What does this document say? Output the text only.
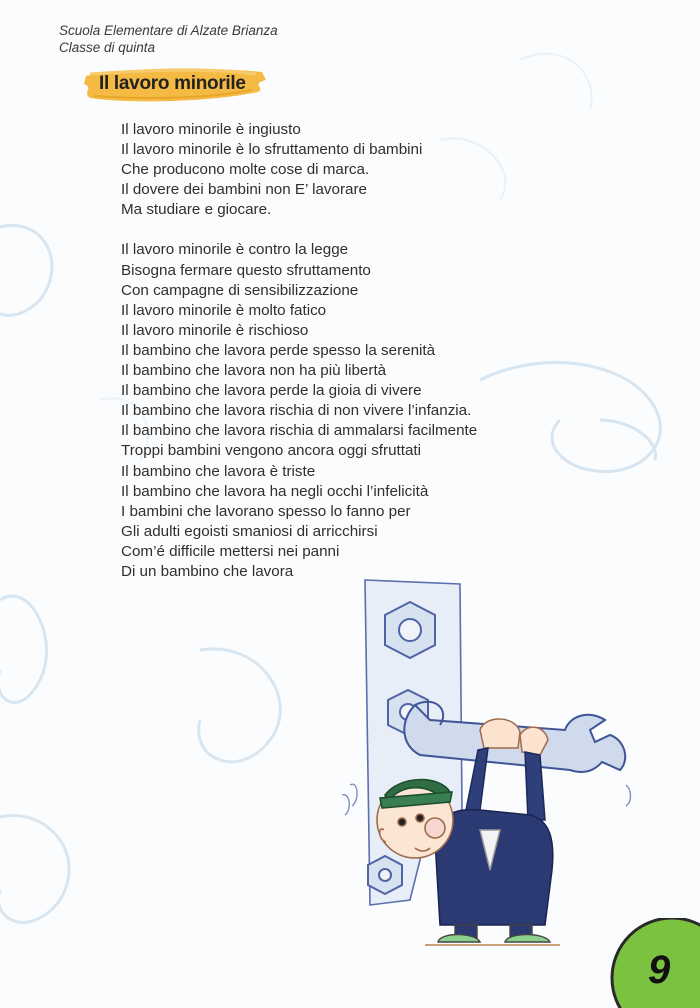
Scuola Elementare di Alzate Brianza
Classe di quinta
Il lavoro minorile
Il lavoro minorile è ingiusto
Il lavoro minorile è lo sfruttamento di bambini
Che producono molte cose di marca.
Il dovere dei bambini non E’ lavorare
Ma studiare e giocare.
Il lavoro minorile è contro la legge
Bisogna fermare questo sfruttamento
Con campagne di sensibilizzazione
Il lavoro minorile è molto fatico
Il lavoro minorile è rischioso
Il bambino che lavora perde spesso la serenità
Il bambino che lavora non ha più libertà
Il bambino che lavora perde la gioia di vivere
Il bambino che lavora rischia di non vivere l’infanzia.
Il bambino che lavora rischia di ammalarsi facilmente
Troppi bambini vengono ancora oggi sfruttati
Il bambino che lavora è triste
Il bambino che lavora ha negli occhi l’infelicità
I bambini che lavorano spesso lo fanno per
Gli adulti egoisti smaniosi di arricchirsi
Com’é difficile mettersi nei panni
Di un bambino che lavora
9
